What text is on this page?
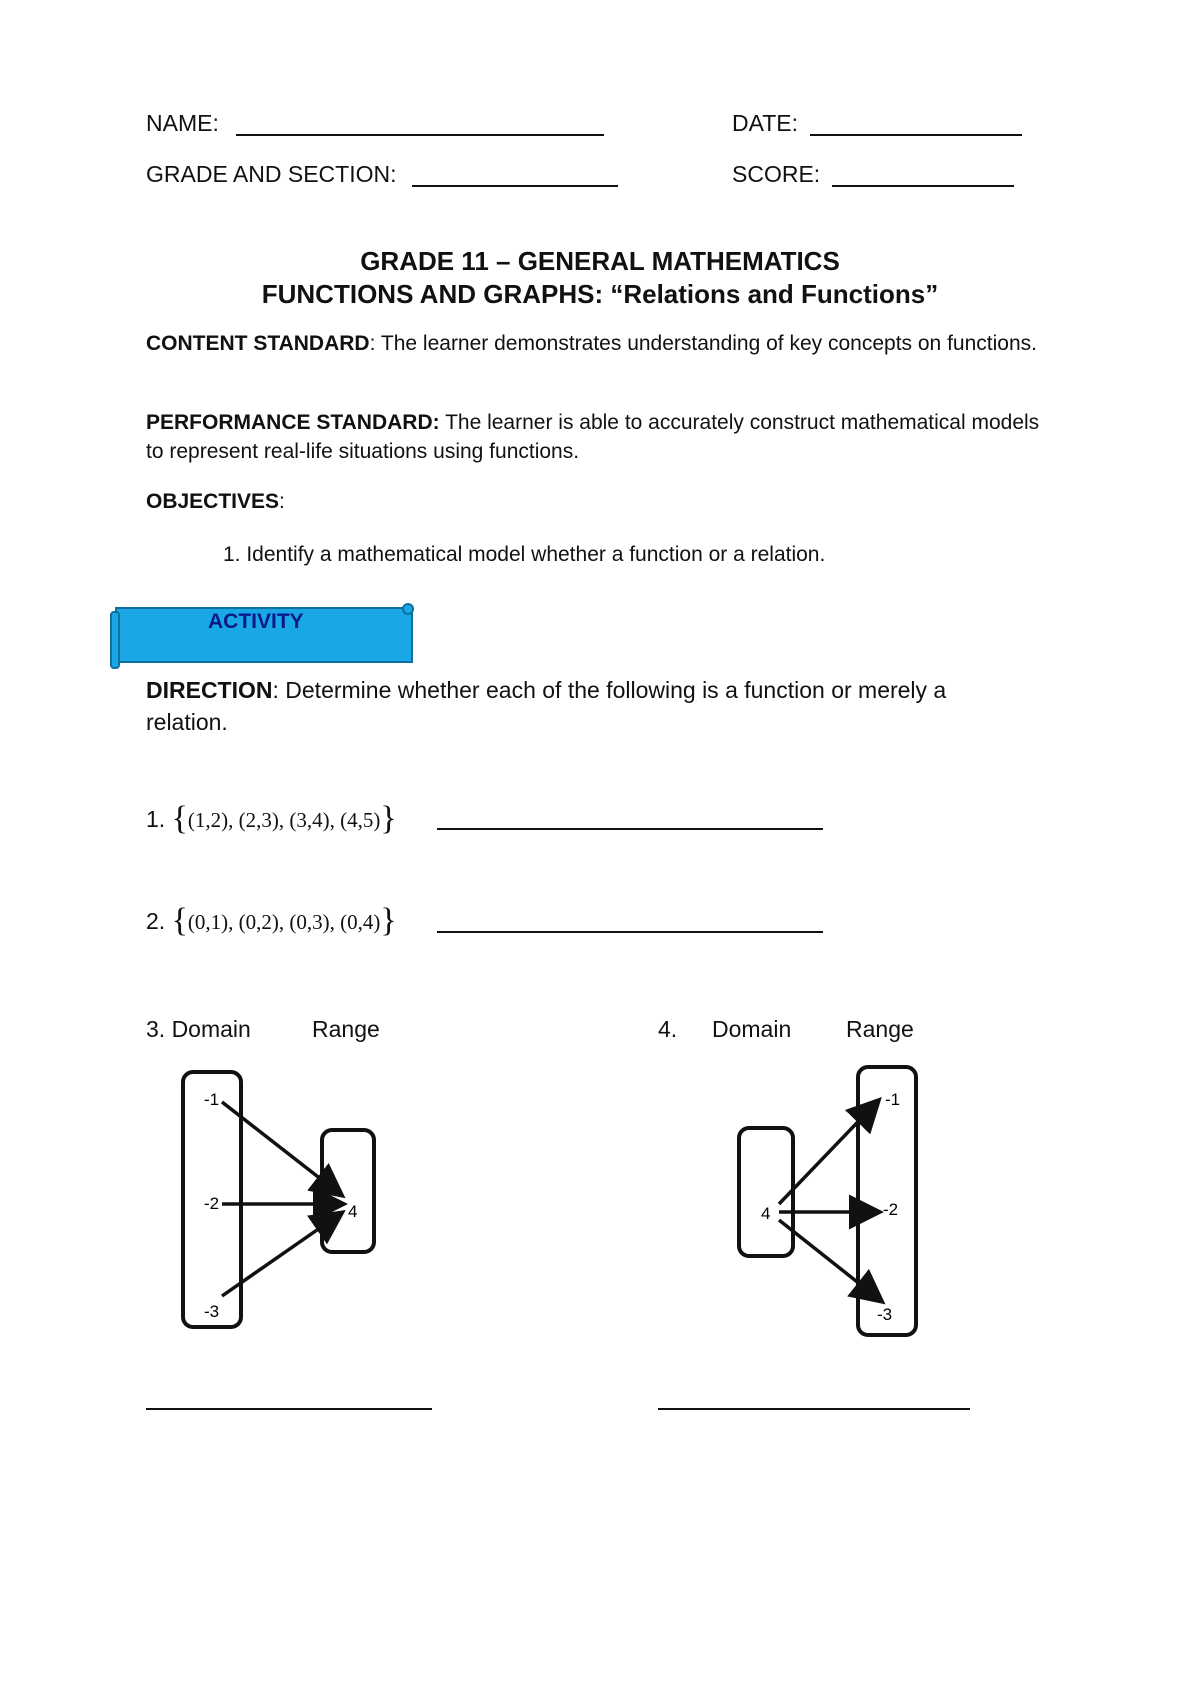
NAME:	DATE:
GRADE AND SECTION:	SCORE:
GRADE 11 – GENERAL MATHEMATICS
FUNCTIONS AND GRAPHS: “Relations and Functions”
CONTENT STANDARD: The learner demonstrates understanding of key concepts on functions.
PERFORMANCE STANDARD: The learner is able to accurately construct mathematical models to represent real-life situations using functions.
OBJECTIVES:
1. Identify a mathematical model whether a function or a relation.
ACTIVITY
DIRECTION: Determine whether each of the following is a function or merely a relation.
1. {(1,2), (2,3), (3,4), (4,5)}
2. {(0,1), (0,2), (0,3), (0,4)}
3. Domain	Range	4. Domain Range
-1
-2
-3
4	4
-1
-2
-3
